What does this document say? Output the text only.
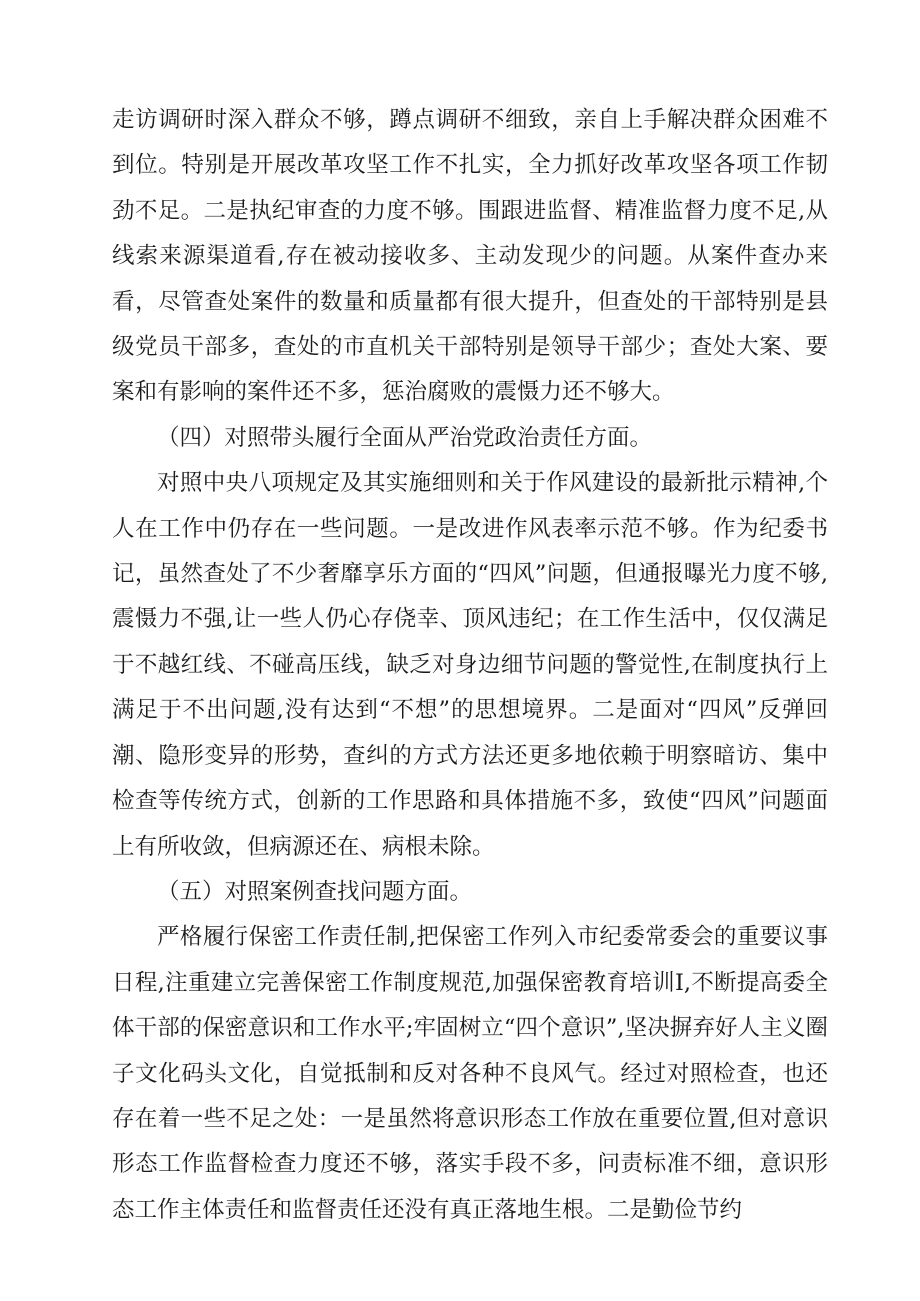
走访调研时深入群众不够，蹲点调研不细致，亲自上手解决群众困难不到位。特别是开展改革攻坚工作不扎实，全力抓好改革攻坚各项工作韧劲不足。二是执纪审查的力度不够。围跟进监督、精准监督力度不足,从线索来源渠道看,存在被动接收多、主动发现少的问题。从案件查办来看，尽管查处案件的数量和质量都有很大提升，但查处的干部特别是县级党员干部多，查处的市直机关干部特别是领导干部少；查处大案、要案和有影响的案件还不多，惩治腐败的震慑力还不够大。

（四）对照带头履行全面从严治党政治责任方面。

对照中央八项规定及其实施细则和关于作风建设的最新批示精神,个人在工作中仍存在一些问题。一是改进作风表率示范不够。作为纪委书记，虽然查处了不少奢靡享乐方面的“四风”问题，但通报曝光力度不够,震慑力不强,让一些人仍心存侥幸、顶风违纪；在工作生活中，仅仅满足于不越红线、不碰高压线，缺乏对身边细节问题的警觉性,在制度执行上满足于不出问题,没有达到“不想”的思想境界。二是面对“四风”反弹回潮、隐形变异的形势，查纠的方式方法还更多地依赖于明察暗访、集中检查等传统方式，创新的工作思路和具体措施不多，致使“四风”问题面上有所收敛，但病源还在、病根未除。

（五）对照案例查找问题方面。

严格履行保密工作责任制,把保密工作列入市纪委常委会的重要议事日程,注重建立完善保密工作制度规范,加强保密教育培训I,不断提高委全体干部的保密意识和工作水平;牢固树立“四个意识”,坚决摒弃好人主义圈子文化码头文化，自觉抵制和反对各种不良风气。经过对照检查，也还存在着一些不足之处：一是虽然将意识形态工作放在重要位置,但对意识形态工作监督检查力度还不够，落实手段不多，问责标准不细，意识形态工作主体责任和监督责任还没有真正落地生根。二是勤俭节约
